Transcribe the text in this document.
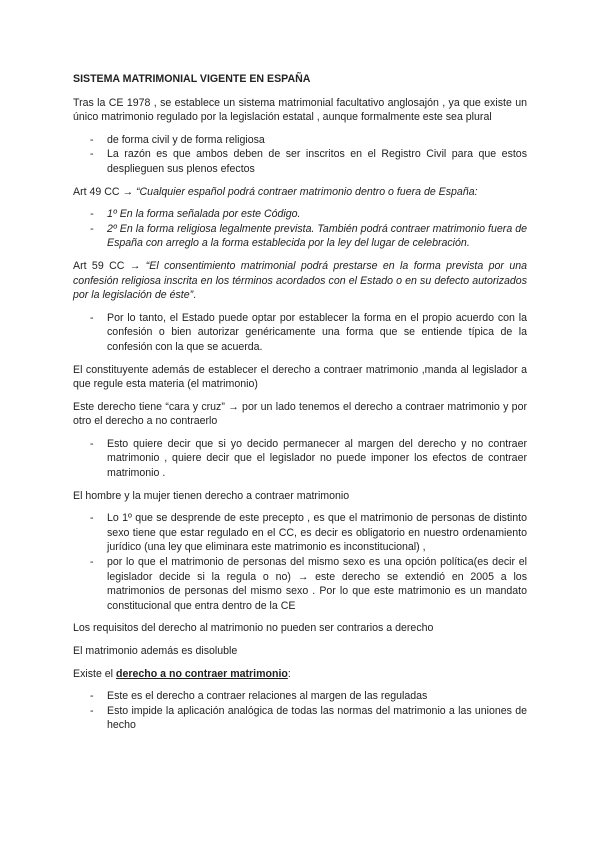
SISTEMA MATRIMONIAL VIGENTE EN ESPAÑA

Tras la CE 1978 , se establece un sistema matrimonial facultativo anglosajón , ya que existe un único matrimonio regulado por la legislación estatal , aunque formalmente este sea plural

- de forma civil y de forma religiosa
- La razón es que ambos deben de ser inscritos en el Registro Civil para que estos desplieguen sus plenos efectos

Art 49 CC → “Cualquier español podrá contraer matrimonio dentro o fuera de España:

- 1º En la forma señalada por este Código.
- 2º En la forma religiosa legalmente prevista. También podrá contraer matrimonio fuera de España con arreglo a la forma establecida por la ley del lugar de celebración.

Art 59 CC → “El consentimiento matrimonial podrá prestarse en la forma prevista por una confesión religiosa inscrita en los términos acordados con el Estado o en su defecto autorizados por la legislación de éste”.

- Por lo tanto, el Estado puede optar por establecer la forma en el propio acuerdo con la confesión o bien autorizar genéricamente una forma que se entiende típica de la confesión con la que se acuerda.

El constituyente además de establecer el derecho a contraer matrimonio ,manda al legislador a que regule esta materia (el matrimonio)

Este derecho tiene “cara y cruz” → por un lado tenemos el derecho a contraer matrimonio y por otro el derecho a no contraerlo

- Esto quiere decir que si yo decido permanecer al margen del derecho y no contraer matrimonio , quiere decir que el legislador no puede imponer los efectos de contraer matrimonio .

El hombre y la mujer tienen derecho a contraer matrimonio

- Lo 1º que se desprende de este precepto , es que el matrimonio de personas de distinto sexo tiene que estar regulado en el CC, es decir es obligatorio en nuestro ordenamiento jurídico (una ley que eliminara este matrimonio es inconstitucional) ,
- por lo que el matrimonio de personas del mismo sexo es una opción política(es decir el legislador decide si la regula o no) → este derecho se extendió en 2005 a los matrimonios de personas del mismo sexo . Por lo que este matrimonio es un mandato constitucional que entra dentro de la CE

Los requisitos del derecho al matrimonio no pueden ser contrarios a derecho

El matrimonio además es disoluble

Existe el derecho a no contraer matrimonio:

- Este es el derecho a contraer relaciones al margen de las reguladas
- Esto impide la aplicación analógica de todas las normas del matrimonio a las uniones de hecho
